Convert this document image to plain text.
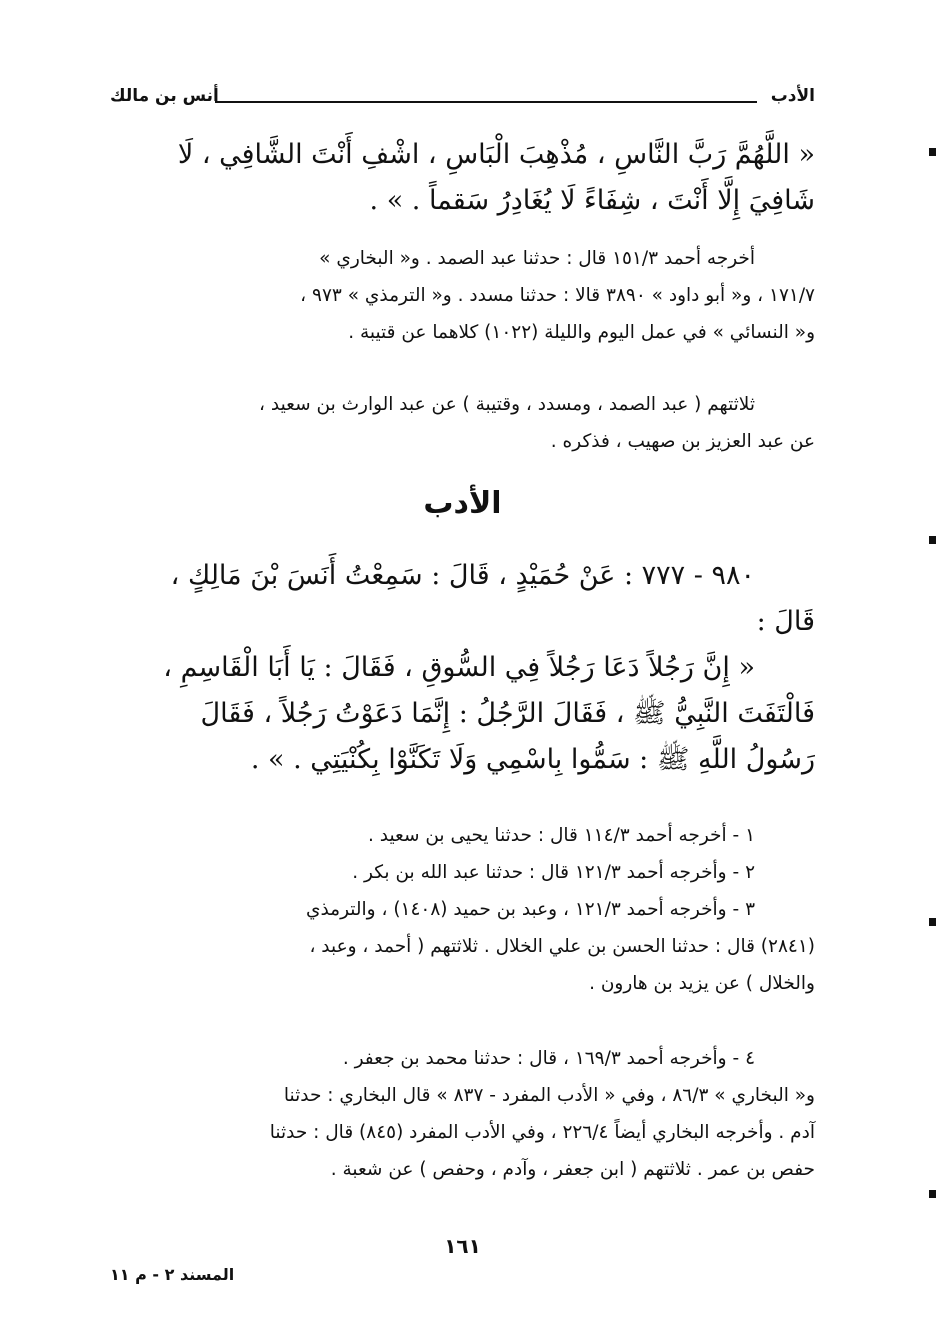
الأدب
أنس بن مالك
« اللَّهُمَّ رَبَّ النَّاسِ ، مُذْهِبَ الْبَاسِ ، اشْفِ أَنْتَ الشَّافِي ، لَا
شَافِيَ إِلَّا أَنْتَ ، شِفَاءً لَا يُغَادِرُ سَقماً . » .
أخرجه أحمد ١٥١/٣ قال : حدثنا عبد الصمد . و« البخاري »
١٧١/٧ ، و« أبو داود » ٣٨٩٠ قالا : حدثنا مسدد . و« الترمذي » ٩٧٣ ،
و« النسائي » في عمل اليوم والليلة (١٠٢٢) كلاهما عن قتيبة .
ثلاثتهم ( عبد الصمد ، ومسدد ، وقتيبة ) عن عبد الوارث بن سعيد ،
عن عبد العزيز بن صهيب ، فذكره .
الأدب
٩٨٠ - ٧٧٧ : عَنْ حُمَيْدٍ ، قَالَ : سَمِعْتُ أَنَسَ بْنَ مَالِكٍ ،
قَالَ :
« إِنَّ رَجُلاً دَعَا رَجُلاً فِي السُّوقِ ، فَقَالَ : يَا أَبَا الْقَاسِمِ ،
فَالْتَفَتَ النَّبِيُّ ﷺ ، فَقَالَ الرَّجُلُ : إِنَّمَا دَعَوْتُ رَجُلاً ، فَقَالَ
رَسُولُ اللَّهِ ﷺ : سَمُّوا بِاسْمِي وَلَا تَكَنَّوْا بِكُنْيَتِي . » .
١ - أخرجه أحمد ١١٤/٣ قال : حدثنا يحيى بن سعيد .
٢ - وأخرجه أحمد ١٢١/٣ قال : حدثنا عبد الله بن بكر .
٣ - وأخرجه أحمد ١٢١/٣ ، وعبد بن حميد (١٤٠٨) ، والترمذي
(٢٨٤١) قال : حدثنا الحسن بن علي الخلال . ثلاثتهم ( أحمد ، وعبد ،
والخلال ) عن يزيد بن هارون .
٤ - وأخرجه أحمد ١٦٩/٣ ، قال : حدثنا محمد بن جعفر .
و« البخاري » ٨٦/٣ ، وفي « الأدب المفرد - ٨٣٧ » قال البخاري : حدثنا
آدم . وأخرجه البخاري أيضاً ٢٢٦/٤ ، وفي الأدب المفرد (٨٤٥) قال : حدثنا
حفص بن عمر . ثلاثتهم ( ابن جعفر ، وآدم ، وحفص ) عن شعبة .
١٦١
المسند ٢ - م ١١
